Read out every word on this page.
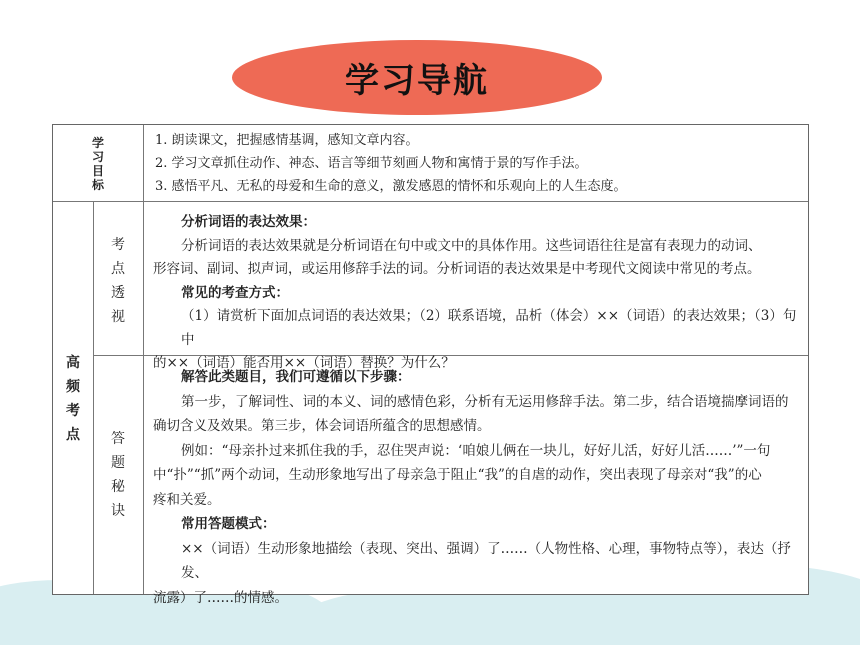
学习导航
学
习
目
标

1. 朗读课文，把握感情基调，感知文章内容。

2. 学习文章抓住动作、神态、语言等细节刻画人物和寓情于景的写作手法。

3. 感悟平凡、无私的母爱和生命的意义，激发感恩的情怀和乐观向上的人生态度。

高
频
考
点
考
点
透
视

分析词语的表达效果：

分析词语的表达效果就是分析词语在句中或文中的具体作用。这些词语往往是富有表现力的动词、

形容词、副词、拟声词，或运用修辞手法的词。分析词语的表达效果是中考现代文阅读中常见的考点。

常见的考查方式：

（1）请赏析下面加点词语的表达效果；（2）联系语境，品析（体会）××（词语）的表达效果；（3）句中

的××（词语）能否用××（词语）替换？为什么？

答
题
秘
诀

解答此类题目，我们可遵循以下步骤：

第一步，了解词性、词的本义、词的感情色彩，分析有无运用修辞手法。第二步，结合语境揣摩词语的

确切含义及效果。第三步，体会词语所蕴含的思想感情。

例如：“母亲扑过来抓住我的手，忍住哭声说：‘咱娘儿俩在一块儿，好好儿活，好好儿活……’”一句

中“扑”“抓”两个动词，生动形象地写出了母亲急于阻止“我”的自虐的动作，突出表现了母亲对“我”的心

疼和关爱。

常用答题模式：

××（词语）生动形象地描绘（表现、突出、强调）了……（人物性格、心理，事物特点等），表达（抒发、

流露）了……的情感。
